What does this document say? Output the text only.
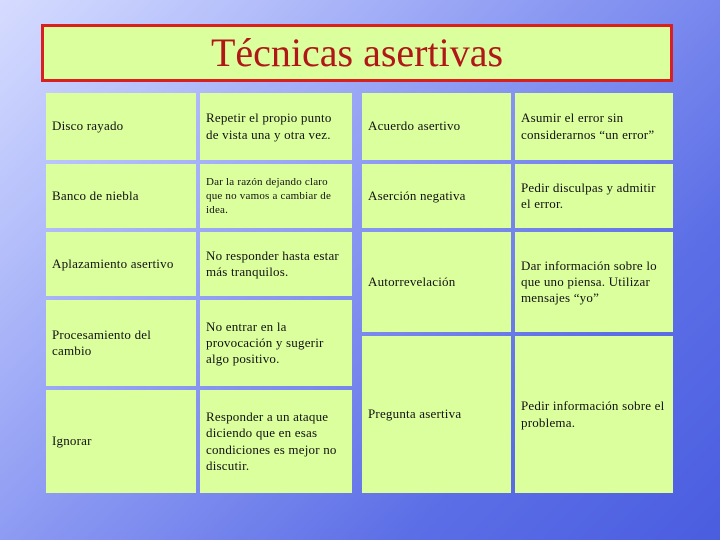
Técnicas asertivas
Disco rayado
Banco de niebla
Aplazamiento asertivo
Procesamiento del cambio
Ignorar
Repetir el propio punto de vista una y otra vez.
Dar la razón dejando claro que no vamos a cambiar de idea.
No responder hasta estar más tranquilos.
No entrar en la provocación y sugerir algo positivo.
Responder a un ataque diciendo que en esas condiciones es mejor no discutir.
Acuerdo asertivo
Aserción negativa
Autorrevelación
Pregunta asertiva
Asumir el error sin considerarnos “un error”
Pedir disculpas y admitir el error.
Dar información sobre lo que uno piensa. Utilizar mensajes “yo”
Pedir información sobre el problema.
